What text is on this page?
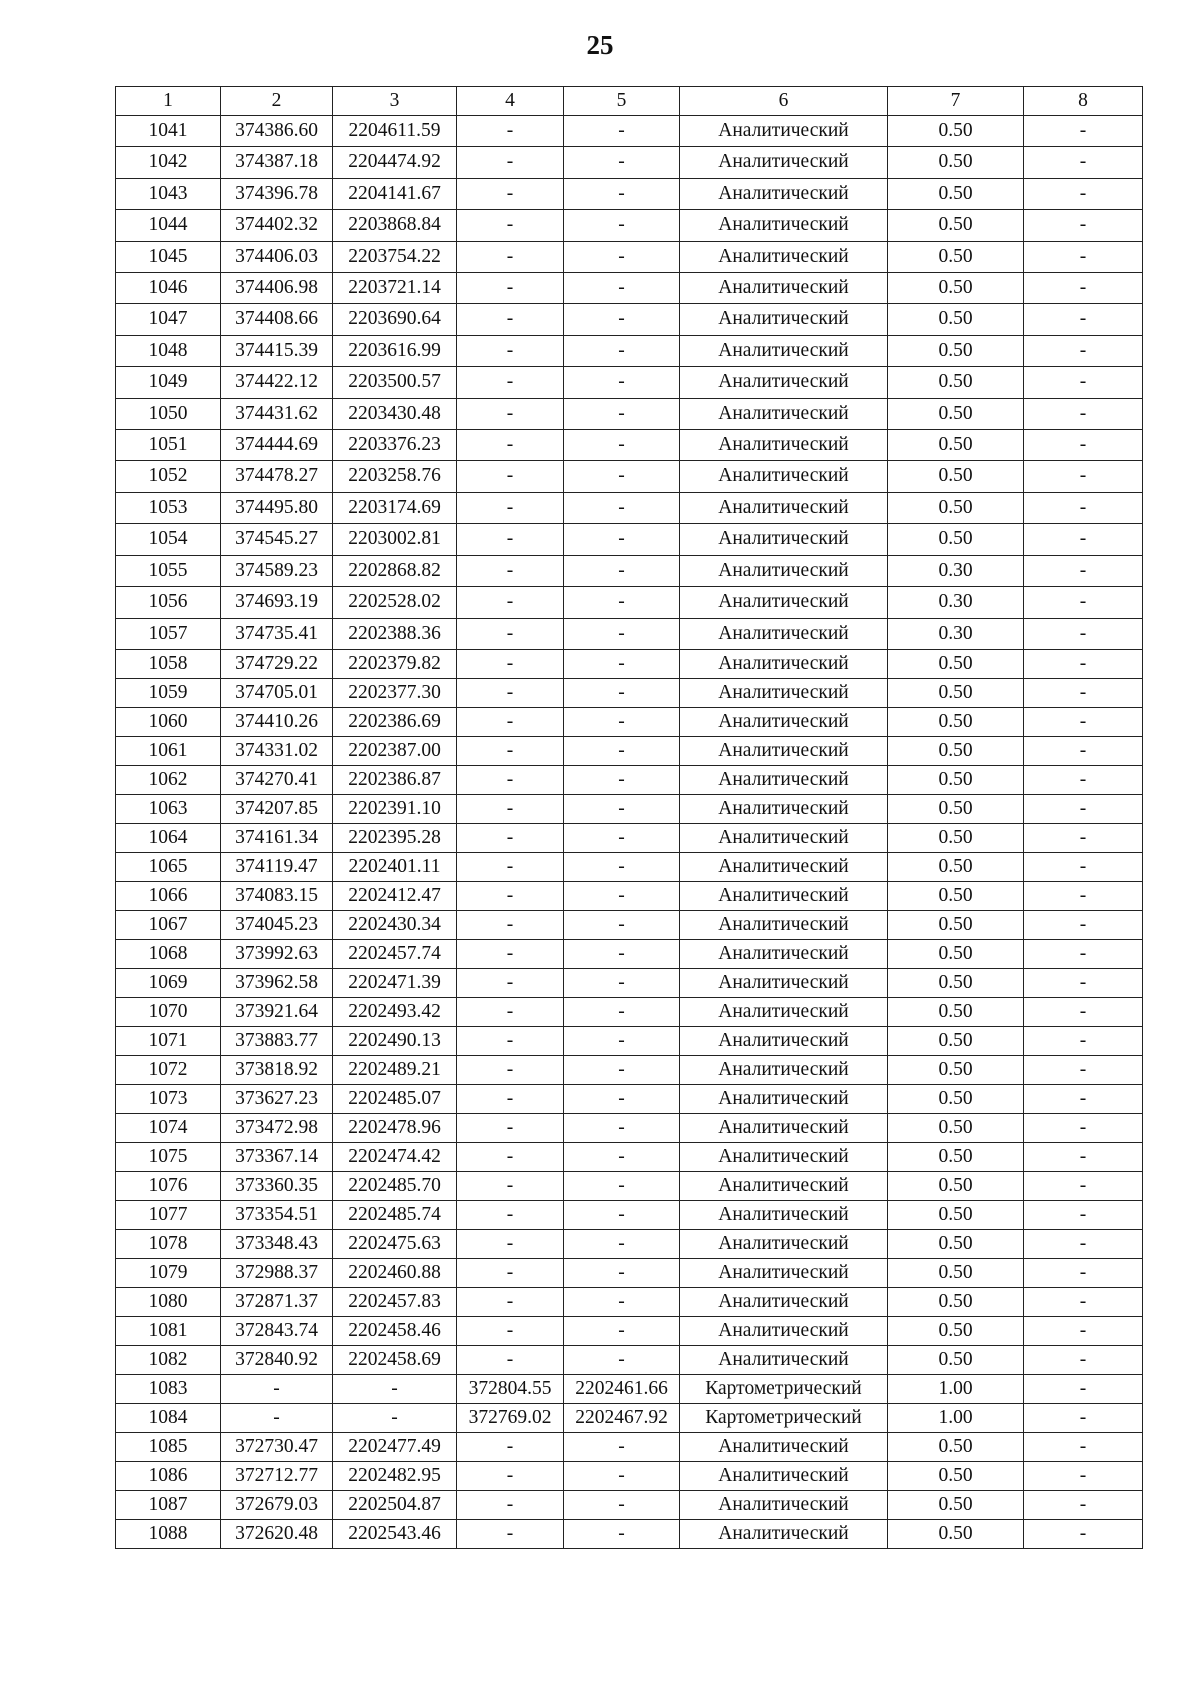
25
1	2	3	4	5	6	7	8
1041	374386.60	2204611.59	-	-	Аналитический	0.50	-
1042	374387.18	2204474.92	-	-	Аналитический	0.50	-
1043	374396.78	2204141.67	-	-	Аналитический	0.50	-
1044	374402.32	2203868.84	-	-	Аналитический	0.50	-
1045	374406.03	2203754.22	-	-	Аналитический	0.50	-
1046	374406.98	2203721.14	-	-	Аналитический	0.50	-
1047	374408.66	2203690.64	-	-	Аналитический	0.50	-
1048	374415.39	2203616.99	-	-	Аналитический	0.50	-
1049	374422.12	2203500.57	-	-	Аналитический	0.50	-
1050	374431.62	2203430.48	-	-	Аналитический	0.50	-
1051	374444.69	2203376.23	-	-	Аналитический	0.50	-
1052	374478.27	2203258.76	-	-	Аналитический	0.50	-
1053	374495.80	2203174.69	-	-	Аналитический	0.50	-
1054	374545.27	2203002.81	-	-	Аналитический	0.50	-
1055	374589.23	2202868.82	-	-	Аналитический	0.30	-
1056	374693.19	2202528.02	-	-	Аналитический	0.30	-
1057	374735.41	2202388.36	-	-	Аналитический	0.30	-
1058	374729.22	2202379.82	-	-	Аналитический	0.50	-
1059	374705.01	2202377.30	-	-	Аналитический	0.50	-
1060	374410.26	2202386.69	-	-	Аналитический	0.50	-
1061	374331.02	2202387.00	-	-	Аналитический	0.50	-
1062	374270.41	2202386.87	-	-	Аналитический	0.50	-
1063	374207.85	2202391.10	-	-	Аналитический	0.50	-
1064	374161.34	2202395.28	-	-	Аналитический	0.50	-
1065	374119.47	2202401.11	-	-	Аналитический	0.50	-
1066	374083.15	2202412.47	-	-	Аналитический	0.50	-
1067	374045.23	2202430.34	-	-	Аналитический	0.50	-
1068	373992.63	2202457.74	-	-	Аналитический	0.50	-
1069	373962.58	2202471.39	-	-	Аналитический	0.50	-
1070	373921.64	2202493.42	-	-	Аналитический	0.50	-
1071	373883.77	2202490.13	-	-	Аналитический	0.50	-
1072	373818.92	2202489.21	-	-	Аналитический	0.50	-
1073	373627.23	2202485.07	-	-	Аналитический	0.50	-
1074	373472.98	2202478.96	-	-	Аналитический	0.50	-
1075	373367.14	2202474.42	-	-	Аналитический	0.50	-
1076	373360.35	2202485.70	-	-	Аналитический	0.50	-
1077	373354.51	2202485.74	-	-	Аналитический	0.50	-
1078	373348.43	2202475.63	-	-	Аналитический	0.50	-
1079	372988.37	2202460.88	-	-	Аналитический	0.50	-
1080	372871.37	2202457.83	-	-	Аналитический	0.50	-
1081	372843.74	2202458.46	-	-	Аналитический	0.50	-
1082	372840.92	2202458.69	-	-	Аналитический	0.50	-
1083	-	-	372804.55	2202461.66	Картометрический	1.00	-
1084	-	-	372769.02	2202467.92	Картометрический	1.00	-
1085	372730.47	2202477.49	-	-	Аналитический	0.50	-
1086	372712.77	2202482.95	-	-	Аналитический	0.50	-
1087	372679.03	2202504.87	-	-	Аналитический	0.50	-
1088	372620.48	2202543.46	-	-	Аналитический	0.50	-
